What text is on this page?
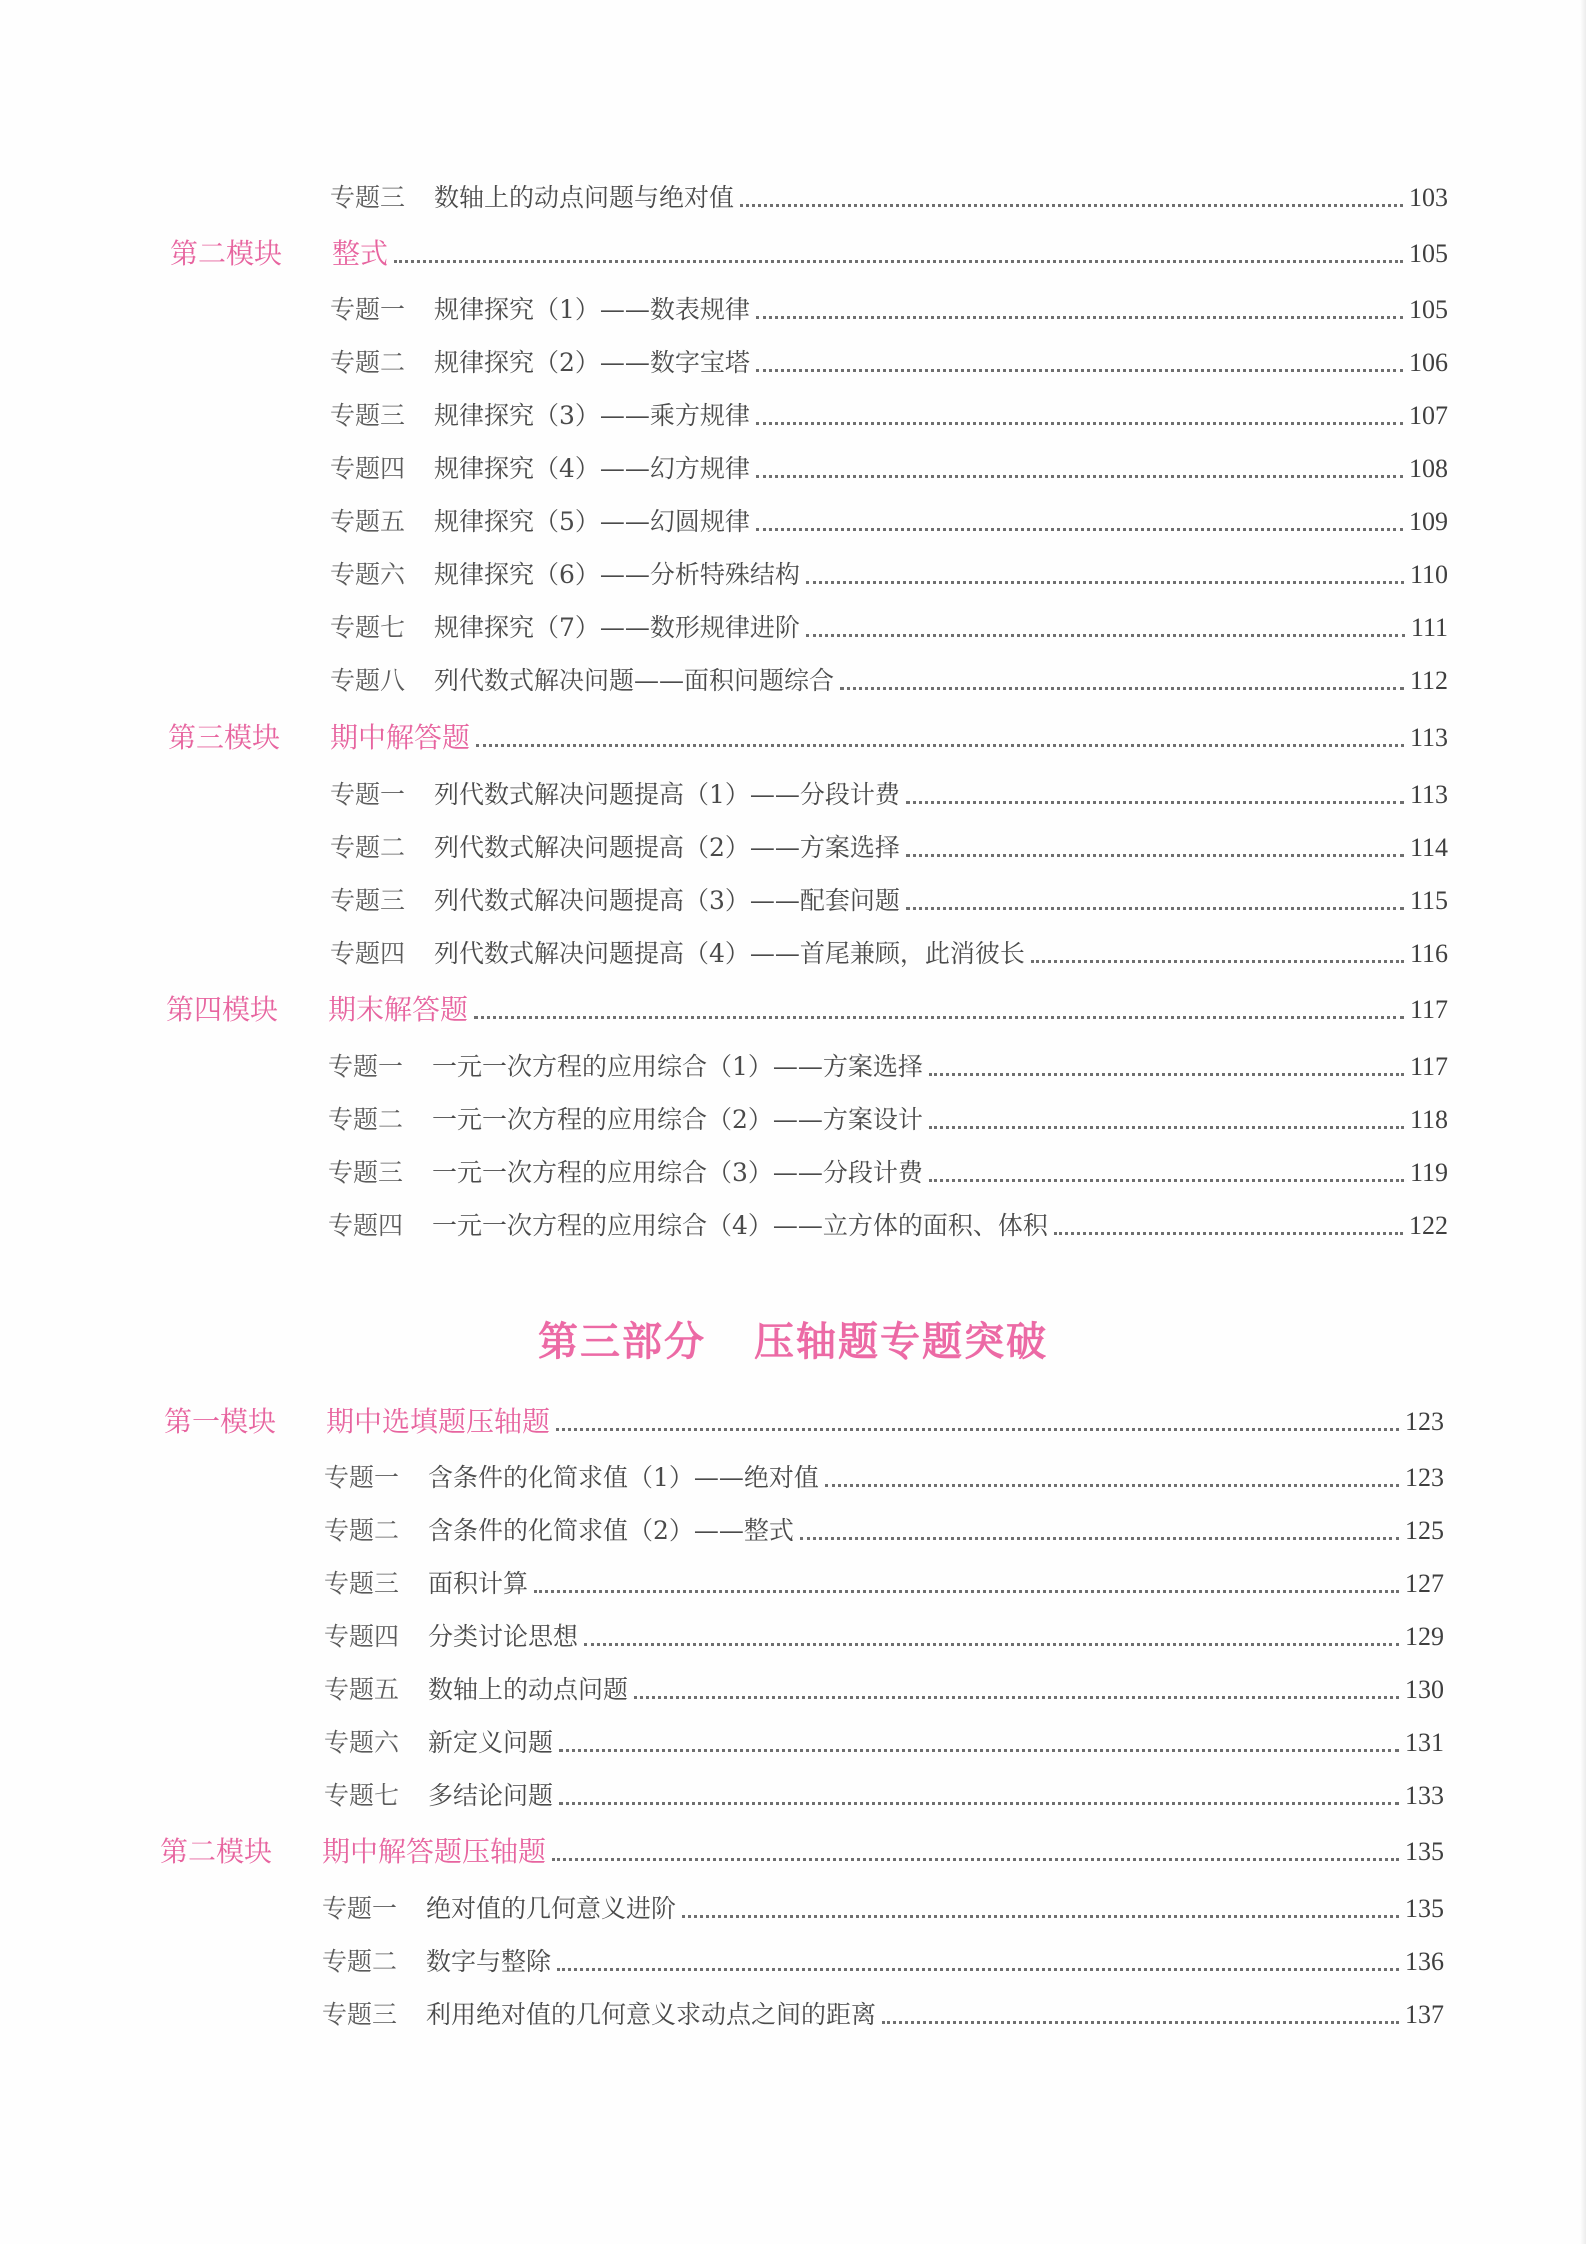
专题三	数轴上的动点问题与绝对值	103
第二模块	整式	105
专题一	规律探究（1）——数表规律	105
专题二	规律探究（2）——数字宝塔	106
专题三	规律探究（3）——乘方规律	107
专题四	规律探究（4）——幻方规律	108
专题五	规律探究（5）——幻圆规律	109
专题六	规律探究（6）——分析特殊结构	110
专题七	规律探究（7）——数形规律进阶	111
专题八	列代数式解决问题——面积问题综合	112
第三模块	期中解答题	113
专题一	列代数式解决问题提高（1）——分段计费	113
专题二	列代数式解决问题提高（2）——方案选择	114
专题三	列代数式解决问题提高（3）——配套问题	115
专题四	列代数式解决问题提高（4）——首尾兼顾，此消彼长	116
第四模块	期末解答题	117
专题一	一元一次方程的应用综合（1）——方案选择	117
专题二	一元一次方程的应用综合（2）——方案设计	118
专题三	一元一次方程的应用综合（3）——分段计费	119
专题四	一元一次方程的应用综合（4）——立方体的面积、体积	122
第三部分 压轴题专题突破
第一模块	期中选填题压轴题	123
专题一	含条件的化简求值（1）——绝对值	123
专题二	含条件的化简求值（2）——整式	125
专题三	面积计算	127
专题四	分类讨论思想	129
专题五	数轴上的动点问题	130
专题六	新定义问题	131
专题七	多结论问题	133
第二模块	期中解答题压轴题	135
专题一	绝对值的几何意义进阶	135
专题二	数字与整除	136
专题三	利用绝对值的几何意义求动点之间的距离	137
